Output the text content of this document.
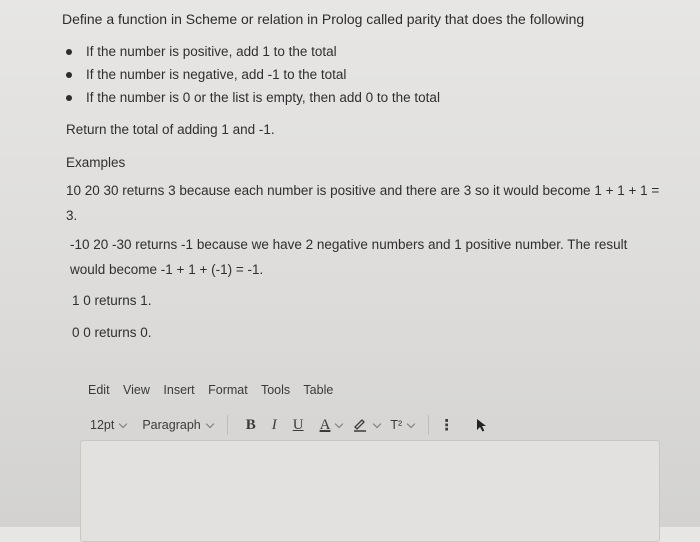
Define a function in Scheme or relation in Prolog called parity that does the following
If the number is positive, add 1 to the total
If the number is negative, add -1 to the total
If the number is 0 or the list is empty, then add 0 to the total
Return the total of adding 1 and -1.
Examples
10 20 30 returns 3 because each number is positive and there are 3 so it would become 1 + 1 + 1 =
3.
-10 20 -30 returns -1 because we have 2 negative numbers and 1 positive number. The result
would become -1 + 1 + (-1) = -1.
1 0 returns 1.
0 0 returns 0.
Edit View Insert Format Tools Table
12pt Paragraph	B I U A	T² ⋮
